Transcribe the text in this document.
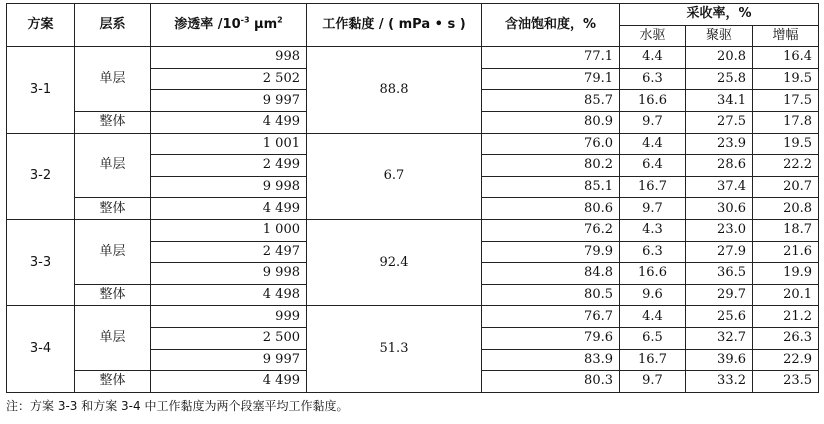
方案	层系	渗透率 $/10^{-3}$ $\mu m^2$	工作黏度 / ( mPa • s )	含油饱和度，%	采收率，%		
					水驱	聚驱	增幅
3-1	单层	998	88.8	77.1	4.4	20.8	16.4
		2 502		79.1	6.3	25.8	19.5
		9 997		85.7	16.6	34.1	17.5
	整体	4 499		80.9	9.7	27.5	17.8
3-2	单层	1 001	6.7	76.0	4.4	23.9	19.5
		2 499		80.2	6.4	28.6	22.2
		9 998		85.1	16.7	37.4	20.7
	整体	4 499		80.6	9.7	30.6	20.8
3-3	单层	1 000	92.4	76.2	4.3	23.0	18.7
		2 497		79.9	6.3	27.9	21.6
		9 998		84.8	16.6	36.5	19.9
	整体	4 498		80.5	9.6	29.7	20.1
3-4	单层	999	51.3	76.7	4.4	25.6	21.2
		2 500		79.6	6.5	32.7	26.3
		9 997		83.9	16.7	39.6	22.9
	整体	4 499		80.3	9.7	33.2	23.5
注：方案 3-3 和方案 3-4 中工作黏度为两个段塞平均工作黏度。
